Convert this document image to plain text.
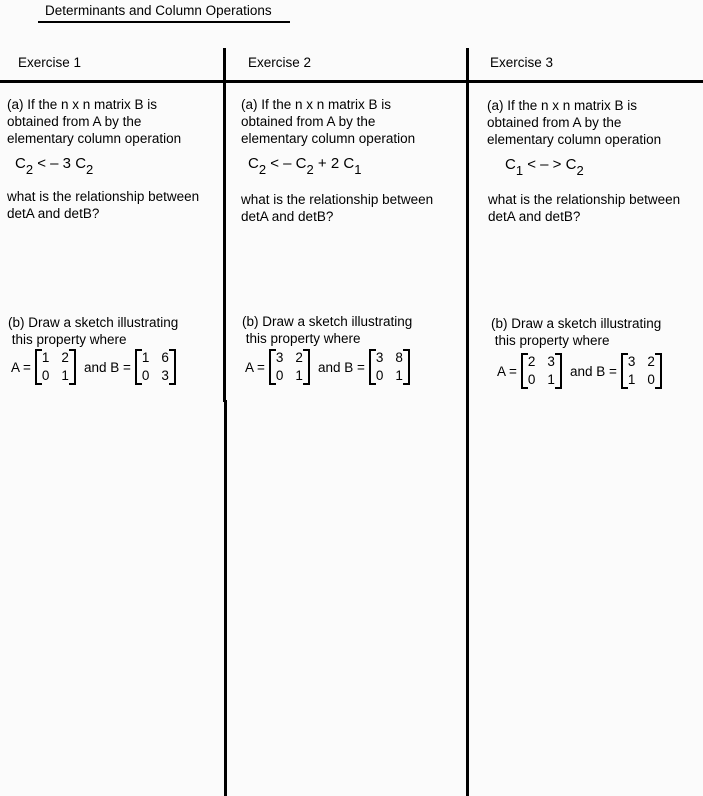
Determinants and Column Operations
Exercise 1
(a) If the n x n matrix B is
obtained from A by the
elementary column operation
$C_2$ < – 3 $C_2$
what is the relationship between
detA and detB?
(b) Draw a sketch illustrating
this property where
A =
1 2
0 1
and B =
1 6
0 3
Exercise 2
(a) If the n x n matrix B is
obtained from A by the
elementary column operation
$C_2$ < – $C_2 + 2$ $C_1$
what is the relationship between
detA and detB?
(b) Draw a sketch illustrating
this property where
A =
3 2
0 1
and B =
3 8
0 1
Exercise 3
(a) If the n x n matrix B is
obtained from A by the
elementary column operation
$C_1$ < – > $C_2$
what is the relationship between
detA and detB?
(b) Draw a sketch illustrating
this property where
A =
2 3
0 1
and B =
3 2
1 0
